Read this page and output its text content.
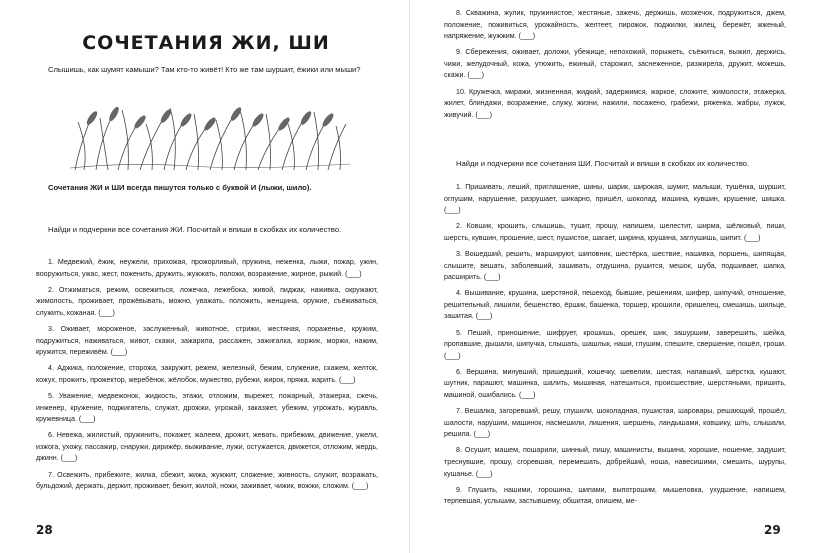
СОЧЕТАНИЯ ЖИ, ШИ
Слышишь, как шумят камыши? Там кто-то живёт! Кто же там шуршит, ёжики или мыши?
Сочетания ЖИ и ШИ всегда пишутся только с буквой И (лыжи, шило).
Найди и подчеркни все сочетания ЖИ. Посчитай и впиши в скобках их количество.

1. Медвежий, ёжик, неужели, прихожая, прожорливый, пружина, неженка, лыжи, пожар, ужин, вооружиться, ужас, жест, поженить, дружить, жужжать, положи, возражение, жирное, рыжий. (___)

2. Отжиматься, режим, освежиться, ложечка, лежебока, живой, пиджак, наживка, окружают, жимолость, проживает, прожёвывать, можно, уважать, положить, женщина, оружие, съёживаться, служить, кожаная. (___)

3. Оживает, мороженое, заслуженный, животное, стрижи, жестяная, пораженье, кружим, подружиться, наживаться, живот, скажи, зажарила, рассажен, зажигалка, коржик, моржи, нажим, кружится, переживём. (___)

4. Аджика, положение, сторожа, закружит, режем, железный, бежим, служение, скажем, желток, кожух, прожить, прожектор, жеребёнок, жёлобок, мужество, рубежи, жирок, пряжа, жарить. (___)

5. Уважение, медвежонок, жидкость, этажи, отложим, вырежет, пожарный, этажерка, сжечь, инженер, кружение, поджигатель, служат, дрожжи, угрожай, заказжет, убежим, угрожать, журавль, кружевница. (___)

6. Невежа, жилистый, пружинить, покажет, жалеем, дрожит, жевать, прибежим, движение, ужели, изжога, ухожу, пассажир, снаружи, дирижёр, выживание, лужи, остужается, движется, отложим, жердь, джинн. (___)

7. Освежить, прибежите, жилка, сбежит, жижа, жужжит, сложение, живность, служит, возражать, бульдожий, держать, держит, проживает, бежит, жилой, ножи, заживает, чижик, вожжи, сложим. (___)

28

8. Скважина, жулик, пружинистое, жестяные, зажечь, держишь, мозжечок, подружиться, джем, положение, поживиться, урожайность, желтеет, пирожок, поджилки, жилец, бережёт, жженый, напряжение, жужжим. (___)

9. Сбережения, оживает, доложи, убежище, непохожий, порыжеть, съёжиться, выжил, держись, чижи, желудочный, кожа, утюжить, ежиный, старожил, заснеженное, разжирела, дружит, можешь, скажи. (___)

10. Кружечка, миражи, жизненная, жидкий, задержимся, жаркое, сложите, жимолости, этажерка, жилет, блиндажи, возражение, служу, жизни, нажили, посажено, грабежи, ряженка, жабры, лужок, живучий. (___)

Найди и подчеркни все сочетания ШИ. Посчитай и впиши в скобках их количество.

1. Пришивать, леший, приглашение, шины, шарик, широкая, шумит, малыши, тушёнка, шуршит, оглушим, нарушение, разрушает, шикарно, пришёл, шоколад, машина, кувшин, крушение, шишка. (___)

2. Ковшик, крошить, слышишь, тушит, прошу, напишем, шелестит, ширма, шёлковый, пиши, шерсть, кувшин, прошение, шест, пушистое, шагает, ширина, крушина, заглушишь, шипит. (___)

3. Вошедший, решить, маршируют, шиповник, шестёрка, шествие, нашивка, поршень, шипящая, слышите, вешать, заболевший, зашивать, отдушина, рушится, мешок, шуба, подшивает, шапка, расширить. (___)

4. Вышивание, крушина, шерстяной, пешеход, бывшие, решениям, шифер, шипучий, отношение, решительный, лишили, бешенство, ёршик, башенка, торшер, крошили, пришелец, смешишь, шильце, зашитая. (___)

5. Пеший, приношение, шифрует, крошишь, орешек, шик, зашуршим, заверешить, шейка, пропавшие, дышали, шипучка, слышать, шашлык, наши, глушим, спешите, свершение, пошёл, гроши. (___)

6. Вершина, минувший, пришедший, кошечку, шевелим, шестая, напавший, шёрстка, кушают, шутник, парашют, машинка, шалить, мышиная, натешиться, происшествие, шерстяными, пришить, машиной, ошибались. (___)

7. Вешалка, загоревший, решу, глушили, шоколадная, пушистая, шаровары, решающий, прошёл, шалости, нарушим, машинок, насмешили, лишения, шершень, ландышами, ковшику, шіть, слышали, решила. (___)

8. Осушит, машем, пошарили, шинный, пишу, машинисты, вышина, хорошие, ношение, задушит, треснувшие, прошу, сгоревшая, перемешать, добрейший, ноша, навесишими, смешить, шурупы, кушанье. (___)

9. Глушить, нашими, горошина, шипами, выпотрошим, мышеловка, ухудшение, напишем, терпевшая, услышим, застывшему, обшитая, опишем, ме-

29
